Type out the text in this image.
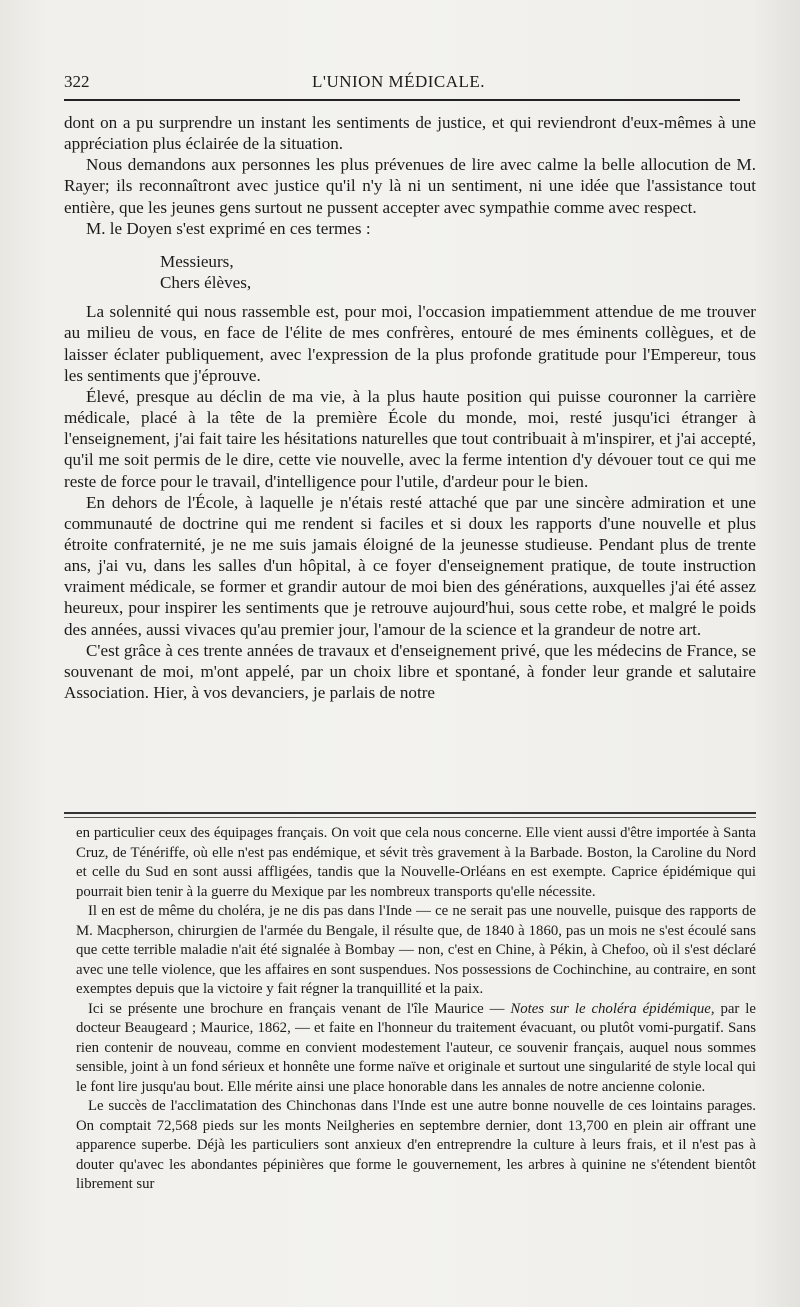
322	L'UNION MÉDICALE.

dont on a pu surprendre un instant les sentiments de justice, et qui reviendront d'eux-mêmes à une appréciation plus éclairée de la situation.

Nous demandons aux personnes les plus prévenues de lire avec calme la belle allocution de M. Rayer; ils reconnaîtront avec justice qu'il n'y là ni un sentiment, ni une idée que l'assistance tout entière, que les jeunes gens surtout ne pussent accepter avec sympathie comme avec respect.

M. le Doyen s'est exprimé en ces termes :

Messieurs,

Chers élèves,

La solennité qui nous rassemble est, pour moi, l'occasion impatiemment attendue de me trouver au milieu de vous, en face de l'élite de mes confrères, entouré de mes éminents collègues, et de laisser éclater publiquement, avec l'expression de la plus profonde gratitude pour l'Empereur, tous les sentiments que j'éprouve.

Élevé, presque au déclin de ma vie, à la plus haute position qui puisse couronner la carrière médicale, placé à la tête de la première École du monde, moi, resté jusqu'ici étranger à l'enseignement, j'ai fait taire les hésitations naturelles que tout contribuait à m'inspirer, et j'ai accepté, qu'il me soit permis de le dire, cette vie nouvelle, avec la ferme intention d'y dévouer tout ce qui me reste de force pour le travail, d'intelligence pour l'utile, d'ardeur pour le bien.

En dehors de l'École, à laquelle je n'étais resté attaché que par une sincère admiration et une communauté de doctrine qui me rendent si faciles et si doux les rapports d'une nouvelle et plus étroite confraternité, je ne me suis jamais éloigné de la jeunesse studieuse. Pendant plus de trente ans, j'ai vu, dans les salles d'un hôpital, à ce foyer d'enseignement pratique, de toute instruction vraiment médicale, se former et grandir autour de moi bien des générations, auxquelles j'ai été assez heureux, pour inspirer les sentiments que je retrouve aujourd'hui, sous cette robe, et malgré le poids des années, aussi vivaces qu'au premier jour, l'amour de la science et la grandeur de notre art.

C'est grâce à ces trente années de travaux et d'enseignement privé, que les médecins de France, se souvenant de moi, m'ont appelé, par un choix libre et spontané, à fonder leur grande et salutaire Association. Hier, à vos devanciers, je parlais de notre

en particulier ceux des équipages français. On voit que cela nous concerne. Elle vient aussi d'être importée à Santa Cruz, de Ténériffe, où elle n'est pas endémique, et sévit très gravement à la Barbade. Boston, la Caroline du Nord et celle du Sud en sont aussi affligées, tandis que la Nouvelle-Orléans en est exempte. Caprice épidémique qui pourrait bien tenir à la guerre du Mexique par les nombreux transports qu'elle nécessite.

Il en est de même du choléra, je ne dis pas dans l'Inde — ce ne serait pas une nouvelle, puisque des rapports de M. Macpherson, chirurgien de l'armée du Bengale, il résulte que, de 1840 à 1860, pas un mois ne s'est écoulé sans que cette terrible maladie n'ait été signalée à Bombay — non, c'est en Chine, à Pékin, à Chefoo, où il s'est déclaré avec une telle violence, que les affaires en sont suspendues. Nos possessions de Cochinchine, au contraire, en sont exemptes depuis que la victoire y fait régner la tranquillité et la paix.

Ici se présente une brochure en français venant de l'île Maurice — Notes sur le choléra épidémique, par le docteur Beaugeard ; Maurice, 1862, — et faite en l'honneur du traitement évacuant, ou plutôt vomi-purgatif. Sans rien contenir de nouveau, comme en convient modestement l'auteur, ce souvenir français, auquel nous sommes sensible, joint à un fond sérieux et honnête une forme naïve et originale et surtout une singularité de style local qui le font lire jusqu'au bout. Elle mérite ainsi une place honorable dans les annales de notre ancienne colonie.

Le succès de l'acclimatation des Chinchonas dans l'Inde est une autre bonne nouvelle de ces lointains parages. On comptait 72,568 pieds sur les monts Neilgheries en septembre dernier, dont 13,700 en plein air offrant une apparence superbe. Déjà les particuliers sont anxieux d'en entreprendre la culture à leurs frais, et il n'est pas à douter qu'avec les abondantes pépinières que forme le gouvernement, les arbres à quinine ne s'étendent bientôt librement sur
